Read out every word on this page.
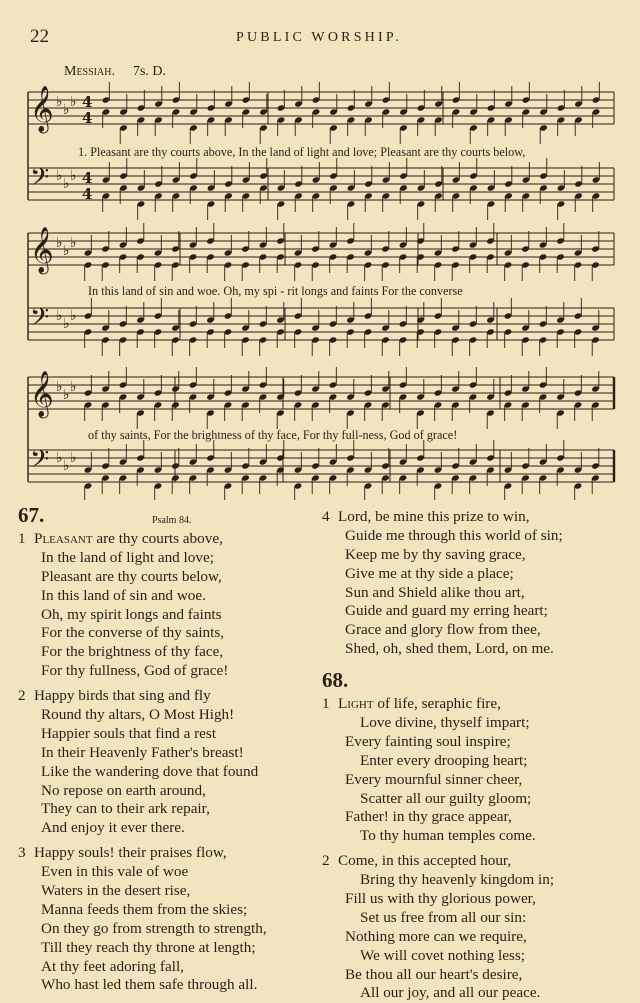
22	PUBLIC WORSHIP.
Messiah. 7s. D.
𝄞 ♭ ♭ ♭ 4
4
𝄢 ♭ ♭ ♭ 4
4
𝄞 ♭ ♭ ♭
𝄢 ♭ ♭ ♭
𝄞 ♭ ♭ ♭
𝄢 ♭ ♭ ♭
1. Pleasant are thy courts above, In the land of light and love; Pleasant are thy courts below,
In this land of sin and woe. Oh, my spi - rit longs and faints For the converse
of thy saints, For the brightness of thy face, For thy full-ness, God of grace!
67.	Psalm 84.
1 Pleasant are thy courts above,
In the land of light and love;
Pleasant are thy courts below,
In this land of sin and woe.
Oh, my spirit longs and faints
For the converse of thy saints,
For the brightness of thy face,
For thy fullness, God of grace!
2 Happy birds that sing and fly
Round thy altars, O Most High!
Happier souls that find a rest
In their Heavenly Father's breast!
Like the wandering dove that found
No repose on earth around,
They can to their ark repair,
And enjoy it ever there.
3 Happy souls! their praises flow,
Even in this vale of woe
Waters in the desert rise,
Manna feeds them from the skies;
On they go from strength to strength,
Till they reach thy throne at length;
At thy feet adoring fall,
Who hast led them safe through all.
4 Lord, be mine this prize to win,
Guide me through this world of sin;
Keep me by thy saving grace,
Give me at thy side a place;
Sun and Shield alike thou art,
Guide and guard my erring heart;
Grace and glory flow from thee,
Shed, oh, shed them, Lord, on me.
68.
1 Light of life, seraphic fire,
Love divine, thyself impart;
Every fainting soul inspire;
Enter every drooping heart;
Every mournful sinner cheer,
Scatter all our guilty gloom;
Father! in thy grace appear,
To thy human temples come.
2 Come, in this accepted hour,
Bring thy heavenly kingdom in;
Fill us with thy glorious power,
Set us free from all our sin:
Nothing more can we require,
We will covet nothing less;
Be thou all our heart's desire,
All our joy, and all our peace.
